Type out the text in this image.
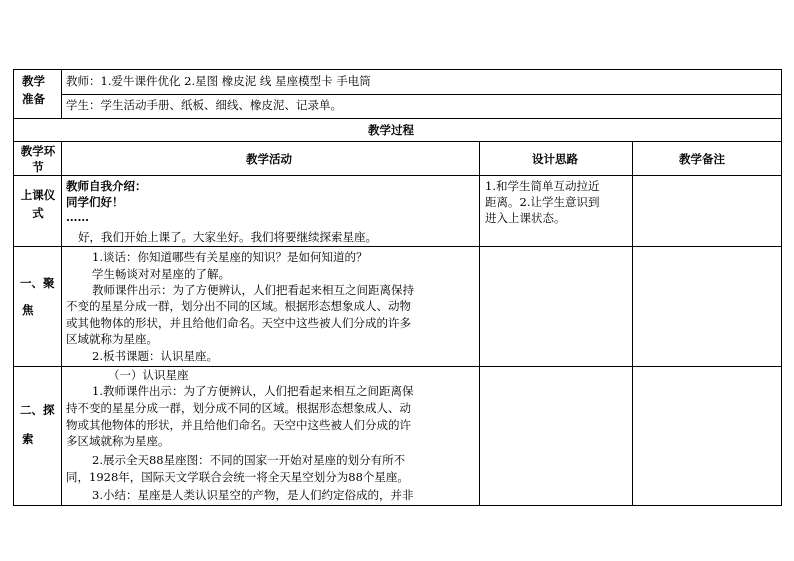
教学
准备
教师：1.爱牛课件优化 2.星图 橡皮泥 线 星座模型卡 手电筒
学生：学生活动手册、纸板、细线、橡皮泥、记录单。
教学过程
教学环
节
教学活动	设计思路	教学备注
上课仪
式
教师自我介绍：
同学们好！
……
好，我们开始上课了。大家坐好。我们将要继续探索星座。
1.和学生简单互动拉近
距离。2.让学生意识到
进入上课状态。
一、聚
焦
1.谈话：你知道哪些有关星座的知识？是如何知道的？
学生畅谈对对星座的了解。
教师课件出示：为了方便辨认，人们把看起来相互之间距离保持
不变的星星分成一群，划分出不同的区域。根据形态想象成人、动物
或其他物体的形状，并且给他们命名。天空中这些被人们分成的许多
区域就称为星座。
2.板书课题：认识星座。
二、探
索
（一）认识星座
1.教师课件出示：为了方便辨认，人们把看起来相互之间距离保
持不变的星星分成一群，划分成不同的区域。根据形态想象成人、动
物或其他物体的形状，并且给他们命名。天空中这些被人们分成的许
多区域就称为星座。
2.展示全天88星座图：不同的国家一开始对星座的划分有所不
同，1928年，国际天文学联合会统一将全天星空划分为88个星座。
3.小结：星座是人类认识星空的产物，是人们约定俗成的，并非
